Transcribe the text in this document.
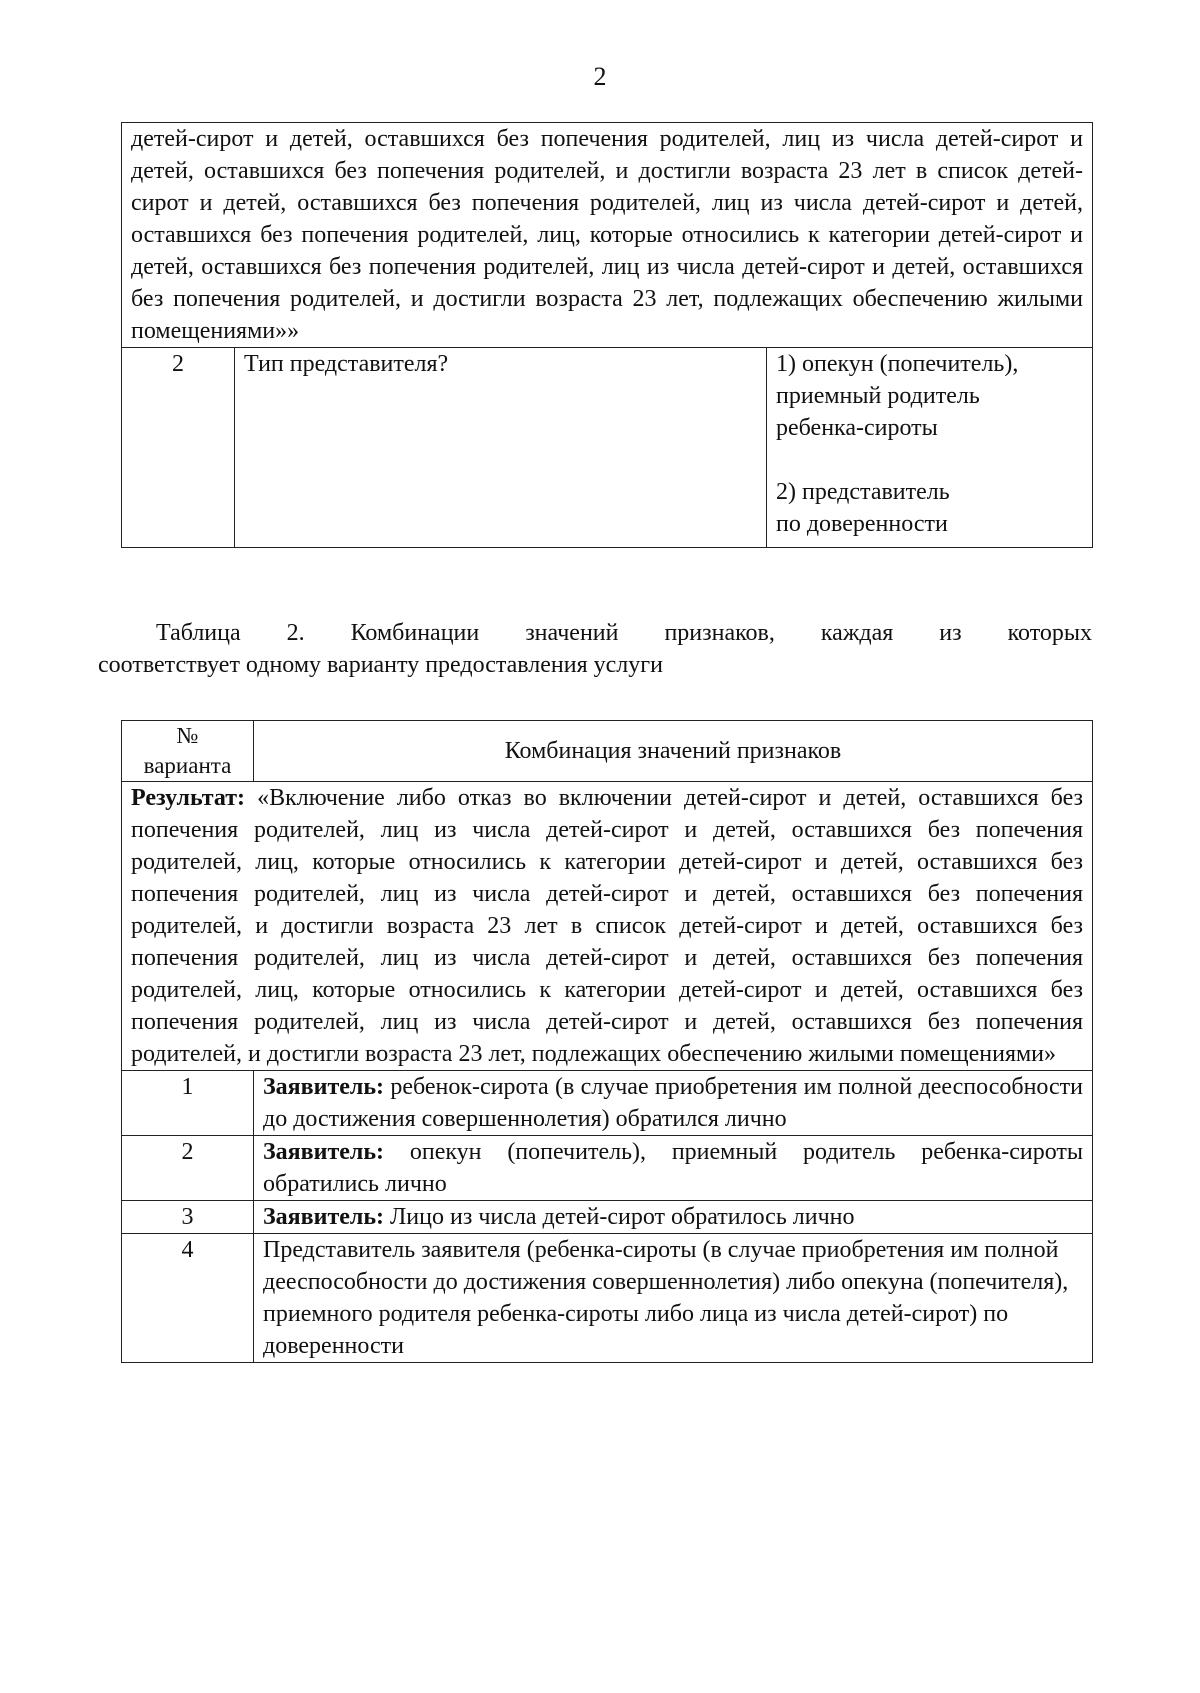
2
детей-сирот и детей, оставшихся без попечения родителей, лиц из числа детей-сирот и детей, оставшихся без попечения родителей, и достигли возраста 23 лет в список детей-сирот и детей, оставшихся без попечения родителей, лиц из числа детей-сирот и детей, оставшихся без попечения родителей, лиц, которые относились к категории детей-сирот и детей, оставшихся без попечения родителей, лиц из числа детей-сирот и детей, оставшихся без попечения родителей, и достигли возраста 23 лет, подлежащих обеспечению жилыми помещениями»»
2	Тип представителя?	1) опекун (попечитель),
приемный родитель
ребенка-сироты
2) представитель
по доверенности
Таблица 2. Комбинации значений признаков, каждая из которых
соответствует одному варианту предоставления услуги
№
варианта	Комбинация значений признаков
Результат: «Включение либо отказ во включении детей-сирот и детей, оставшихся без попечения родителей, лиц из числа детей-сирот и детей, оставшихся без попечения родителей, лиц, которые относились к категории детей-сирот и детей, оставшихся без попечения родителей, лиц из числа детей-сирот и детей, оставшихся без попечения родителей, и достигли возраста 23 лет в список детей-сирот и детей, оставшихся без попечения родителей, лиц из числа детей-сирот и детей, оставшихся без попечения родителей, лиц, которые относились к категории детей-сирот и детей, оставшихся без попечения родителей, лиц из числа детей-сирот и детей, оставшихся без попечения родителей, и достигли возраста 23 лет, подлежащих обеспечению жилыми помещениями»	
1	Заявитель: ребенок-сирота (в случае приобретения им полной дееспособности до достижения совершеннолетия) обратился лично
2	Заявитель: опекун (попечитель), приемный родитель ребенка-сироты обратились лично
3	Заявитель: Лицо из числа детей-сирот обратилось лично
4	Представитель заявителя (ребенка-сироты (в случае приобретения им полной дееспособности до достижения совершеннолетия) либо опекуна (попечителя), приемного родителя ребенка-сироты либо лица из числа детей-сирот) по доверенности
